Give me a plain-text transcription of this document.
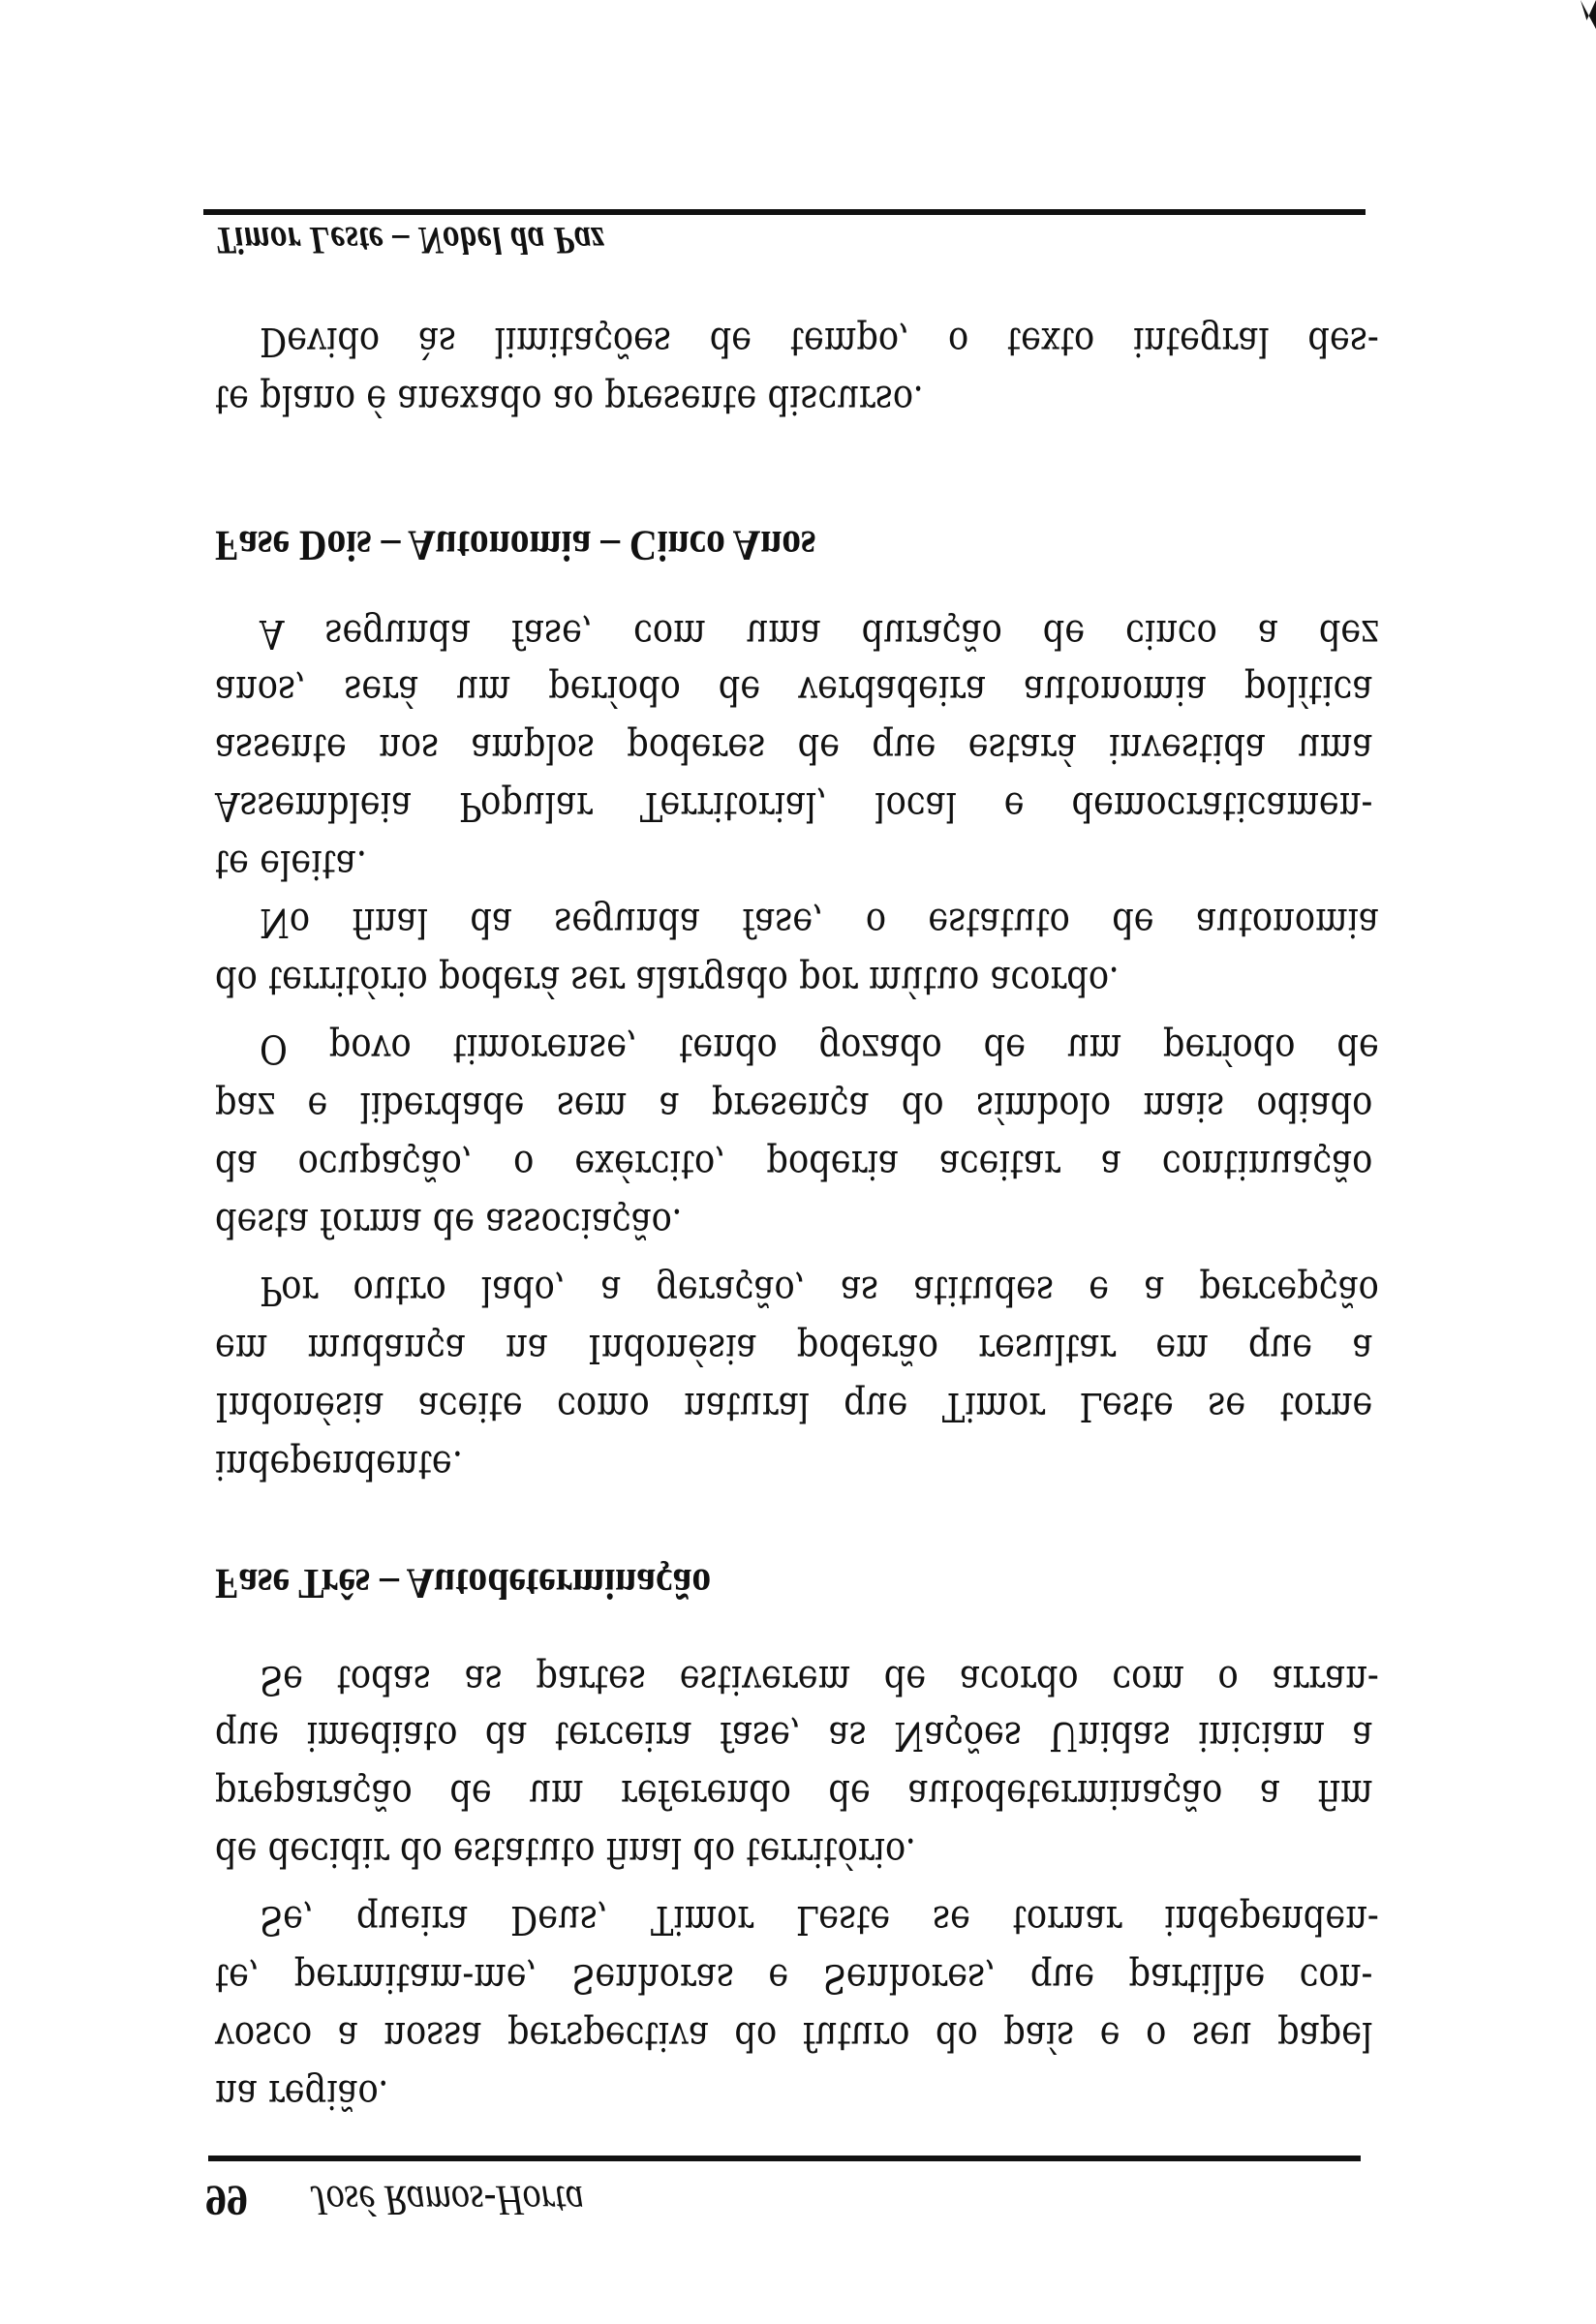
Timor Leste – Nobel da Paz
Devido às limitações de tempo, o texto integral des-
te plano é anexado ao presente discurso.
Fase Dois – Autonomia – Cinco Anos
A segunda fase, com uma duração de cinco a dez
anos, será um período de verdadeira autonomia política
assente nos amplos poderes de que estará investida uma
Assembleia Popular Territorial, local e democraticamen-
te eleita.
No final da segunda fase, o estatuto de autonomia
do território poderá ser alargado por mútuo acordo.
O povo timorense, tendo gozado de um período de
paz e liberdade sem a presença do símbolo mais odiado
da ocupação, o exército, poderia aceitar a continuação
desta forma de associação.
Por outro lado, a geração, as atitudes e a percepção
em mudança na Indonésia poderão resultar em que a
Indonésia aceite como natural que Timor Leste se torne
independente.
Fase Três – Autodeterminação
Se todas as partes estiverem de acordo com o arran-
que imediato da terceira fase, as Nações Unidas iniciam a
preparação de um referendo de autodeterminação a fim
de decidir do estatuto final do território.
Se, queira Deus, Timor Leste se tornar independen-
te, permitam-me, Senhoras e Senhores, que partilhe con-
vosco a nossa perspectiva do futuro do país e o seu papel
na região.
99 José Ramos-Horta
